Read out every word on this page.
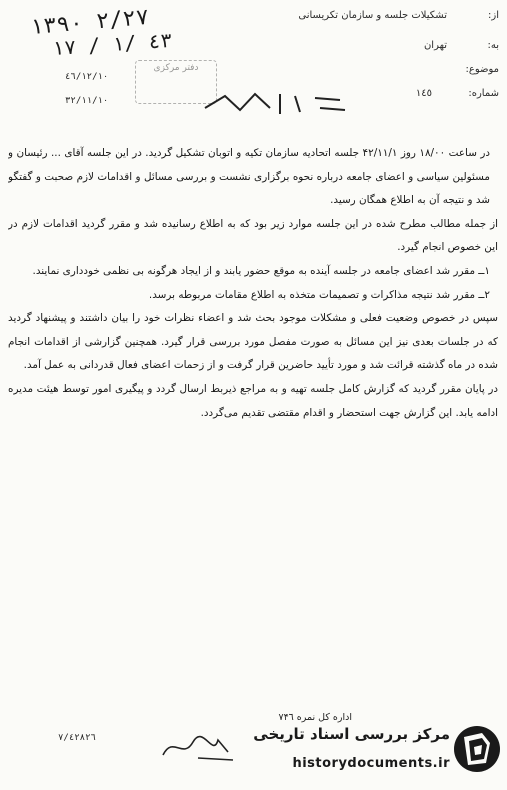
٢/٢٧ ١٣٩٠
٤٣ /١ / ١٧
٤٦/١٢/١٠
٣٢/١١/١٠
از:
تشکیلات جلسه و سازمان تکریسانی
به:
تهران
موضوع:
شماره:
١٤٥
دفتر مرکزی

در ساعت ۱۸/۰۰ روز ۴۲/۱۱/۱ جلسه اتحادیه سازمان تکیه و اتوبان تشکیل گردید. در این جلسه آقای ... رئیسان و مسئولین سیاسی و اعضای جامعه درباره نحوه برگزاری نشست و بررسی مسائل و اقدامات لازم صحبت و گفتگو شد و نتیجه آن به اطلاع همگان رسید.

از جمله مطالب مطرح شده در این جلسه موارد زیر بود که به اطلاع رسانیده شد و مقرر گردید اقدامات لازم در این خصوص انجام گیرد.

۱ــ مقرر شد اعضای جامعه در جلسه آینده به موقع حضور یابند و از ایجاد هرگونه بی نظمی خودداری نمایند.

۲ــ مقرر شد نتیجه مذاکرات و تصمیمات متخذه به اطلاع مقامات مربوطه برسد.

سپس در خصوص وضعیت فعلی و مشکلات موجود بحث شد و اعضاء نظرات خود را بیان داشتند و پیشنهاد گردید که در جلسات بعدی نیز این مسائل به صورت مفصل مورد بررسی قرار گیرد. همچنین گزارشی از اقدامات انجام شده در ماه گذشته قرائت شد و مورد تأیید حاضرین قرار گرفت و از زحمات اعضای فعال قدردانی به عمل آمد.

در پایان مقرر گردید که گزارش کامل جلسه تهیه و به مراجع ذیربط ارسال گردد و پیگیری امور توسط هیئت مدیره ادامه یابد. این گزارش جهت استحضار و اقدام مقتضی تقدیم می‌گردد.

اداره کل نمره ۷۴٦
۷/٤٢٨٢٦	مرکز بررسی اسناد تاریخی
historydocuments.ir
